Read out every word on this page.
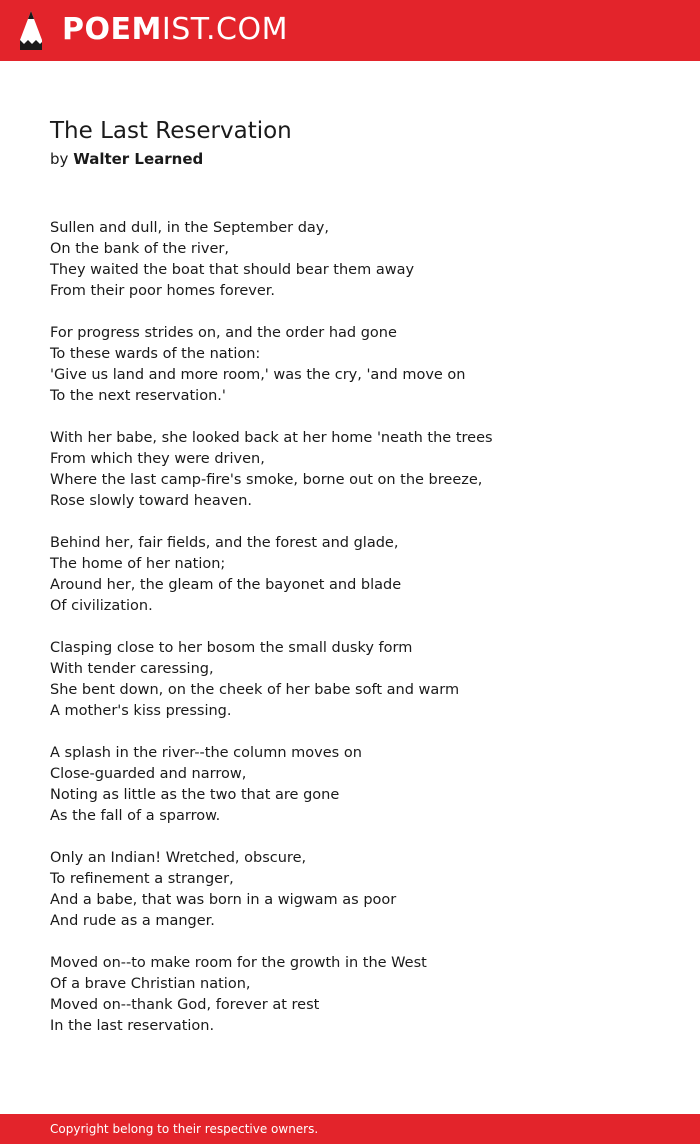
POEMIST.COM
The Last Reservation
by Walter Learned
Sullen and dull, in the September day,
On the bank of the river,
They waited the boat that should bear them away
From their poor homes forever.
For progress strides on, and the order had gone
To these wards of the nation:
'Give us land and more room,' was the cry, 'and move on
To the next reservation.'
With her babe, she looked back at her home 'neath the trees
From which they were driven,
Where the last camp-fire's smoke, borne out on the breeze,
Rose slowly toward heaven.
Behind her, fair fields, and the forest and glade,
The home of her nation;
Around her, the gleam of the bayonet and blade
Of civilization.
Clasping close to her bosom the small dusky form
With tender caressing,
She bent down, on the cheek of her babe soft and warm
A mother's kiss pressing.
A splash in the river--the column moves on
Close-guarded and narrow,
Noting as little as the two that are gone
As the fall of a sparrow.
Only an Indian! Wretched, obscure,
To refinement a stranger,
And a babe, that was born in a wigwam as poor
And rude as a manger.
Moved on--to make room for the growth in the West
Of a brave Christian nation,
Moved on--thank God, forever at rest
In the last reservation.
Copyright belong to their respective owners.
